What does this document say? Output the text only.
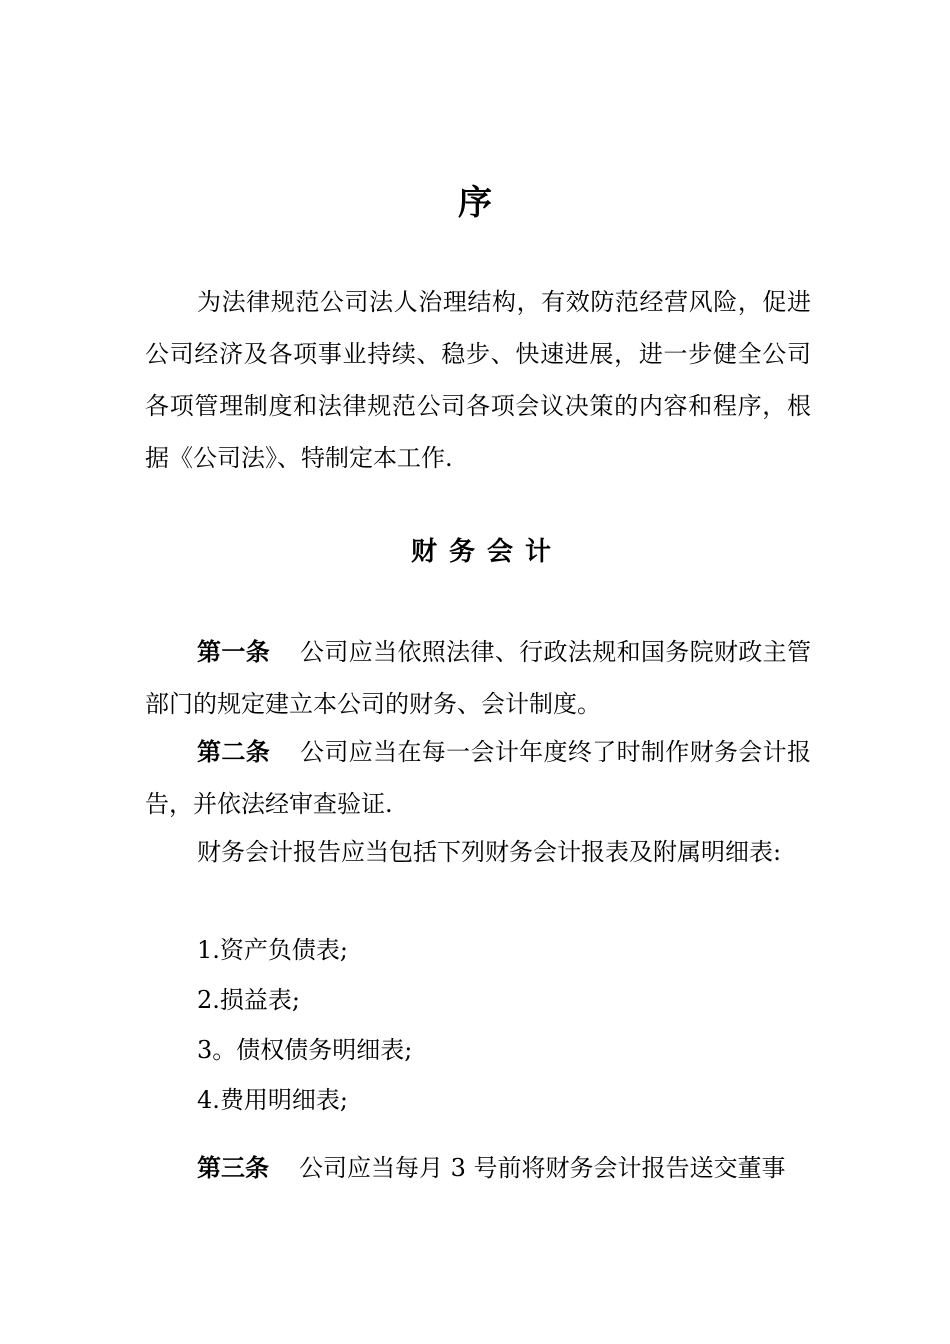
序

为法律规范公司法人治理结构，有效防范经营风险，促进公司经济及各项事业持续、稳步、快速进展，进一步健全公司各项管理制度和法律规范公司各项会议决策的内容和程序，根据《公司法》、特制定本工作.

财务会计

第一条 公司应当依照法律、行政法规和国务院财政主管部门的规定建立本公司的财务、会计制度。

第二条 公司应当在每一会计年度终了时制作财务会计报告，并依法经审查验证.

财务会计报告应当包括下列财务会计报表及附属明细表:

1.资产负债表;

2.损益表;

3。债权债务明细表;

4.费用明细表;

第三条 公司应当每月 3 号前将财务会计报告送交董事
